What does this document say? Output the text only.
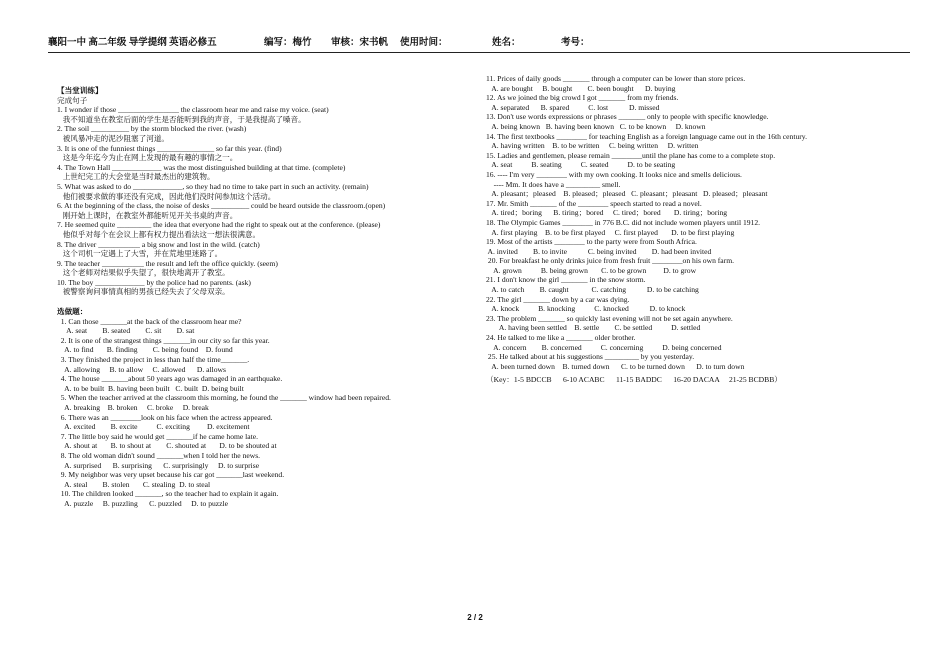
襄阳一中 高二年级 导学提纲 英语必修五	编写：梅竹 审核：宋书帆 使用时间：	姓名：	考号：
【当堂训练】
完成句子
1. I wonder if those ________________ the classroom hear me and raise my voice. (seat)
我不知道坐在教室后面的学生是否能听到我的声音，于是我提高了嗓音。
2. The soil __________ by the storm blocked the river. (wash)
被风暴冲走的泥沙阻塞了河道。
3. It is one of the funniest things _______________ so far this year. (find)
这是今年迄今为止在网上发现的最有趣的事情之一。
4. The Town Hall _____________ was the most distinguished building at that time. (complete)
上世纪完工的大会堂是当时最杰出的建筑物。
5. What was asked to do _____________, so they had no time to take part in such an activity. (remain)
他们被要求做的事还没有完成，因此他们没时间参加这个活动。
6. At the beginning of the class, the noise of desks __________ could be heard outside the classroom.(open)
刚开始上课时，在教室外都能听见开关书桌的声音。
7. He seemed quite _________ the idea that everyone had the right to speak out at the conference. (please)
他似乎对每个在会议上都有权力提出看法这一想法很满意。
8. The driver ___________ a big snow and lost in the wild. (catch)
这个司机一定遇上了大雪，并在荒地里迷路了。
9. The teacher ___________ the result and left the office quickly. (seem)
这个老师对结果似乎失望了，很快地离开了教室。
10. The boy _____________ by the police had no parents. (ask)
被警察询问事情真相的男孩已经失去了父母双亲。

选做题：
1. Can those _______at the back of the classroom hear me?
A. seat        B. seated        C. sit        D. sat
2. It is one of the strangest things _______in our city so far this year.
A. to find       B. finding        C. being found    D. found
3. They finished the project in less than half the time_______.
A. allowing     B. to allow     C. allowed      D. allows
4. The house _______about 50 years ago was damaged in an earthquake.
A. to be built  B. having been built   C. built  D. being built
5. When the teacher arrived at the classroom this morning, he found the _______ window had been repaired.
A. breaking    B. broken     C. broke     D. break
6. There was an ________look on his face when the actress appeared.
A. excited        B. excite          C. exciting         D. excitement
7. The little boy said he would get _______if he came home late.
A. shout at       B. to shout at        C. shouted at       D. to be shouted at
8. The old woman didn't sound _______when I told her the news.
A. surprised      B. surprising      C. surprisingly     D. to surprise
9. My neighbor was very upset because his car got _______last weekend.
A. steal        B. stolen       C. stealing  D. to steal
10. The children looked _______, so the teacher had to explain it again.
A. puzzle     B. puzzling      C. puzzled     D. to puzzle
11. Prices of daily goods _______ through a computer can be lower than store prices.
A. are bought     B. bought        C. been bought      D. buying
12. As we joined the big crowd I got _______ from my friends.
A. separated      B. spared          C. lost           D. missed
13. Don't use words expressions or phrases _______ only to people with specific knowledge.
A. being known   B. having been known   C. to be known     D. known
14. The first textbooks ________ for teaching English as a foreign language came out in the 16th century.
A. having written    B. to be written     C. being written     D. written
15. Ladies and gentlemen, please remain ________until the plane has come to a complete stop.
A. seat          B. seating          C. seated          D. to be seating
16. ---- I'm very ________ with my own cooking. It looks nice and smells delicious.
---- Mm. It does have a _________ smell.
A. pleasant；pleased    B. pleased；pleased   C. pleasant；pleasant   D. pleased；pleasant
17. Mr. Smith _______ of the ________ speech started to read a novel.
A. tired；boring      B. tiring；bored     C. tired；bored       D. tiring；boring
18. The Olympic Games ________ in 776 B.C. did not include women players until 1912.
A. first playing    B. to be first played     C. first played       D. to be first playing
19. Most of the artists ________ to the party were from South Africa.
A. invited        B. to invite           C. being invited        D. had been invited
20. For breakfast he only drinks juice from fresh fruit ________on his own farm.
A. grown          B. being grown       C. to be grown         D. to grow
21. I don't know the girl _______ in the snow storm.
A. to catch        B. caught            C. catching           D. to be catching
22. The girl _______ down by a car was dying.
A. knock          B. knocking          C. knocked           D. to knock
23. The problem _______ so quickly last evening will not be set again anywhere.
A. having been settled    B. settle        C. be settled          D. settled
24. He talked to me like a _______ older brother.
A. concern        B. concerned          C. concerning          D. being concerned
25. He talked about at his suggestions _________ by you yesterday.
A. been turned down    B. turned down      C. to be turned down      D. to turn down

（Key：1-5 BDCCB      6-10 ACABC      11-15 BADDC      16-20 DACAA     21-25 BCDBB）
2 / 2
